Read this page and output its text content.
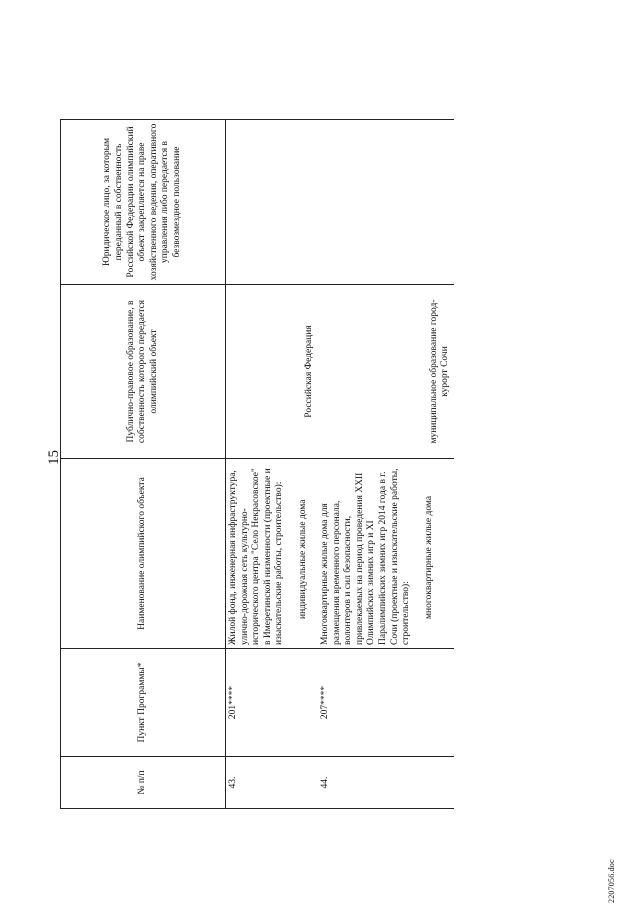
15
№ п/п	Пункт Программы*	Наименование олимпийского объекта	Публично-правовое образование, в собственность которого передается олимпийский объект	Юридическое лицо, за которым переданный в собственность Российской Федерации олимпийский объект закрепляется на праве хозяйственного ведения, оперативного управления либо передается в безвозмездное пользование
43.	201****	Жилой фонд, инженерная инфраструктура, улично-дорожная сеть культурно-исторического центра "Село Некрасовское" в Имеретинской низменности (проектные и изыскательские работы, строительство): индивидуальные жилые дома	Российская Федерация	
44.	207****	Многоквартирные жилые дома для размещения временного персонала, волонтеров и сил безопасности, привлекаемых на период проведения XXII Олимпийских зимних игр и XI Паралимпийских зимних игр 2014 года в г. Сочи (проектные и изыскательские работы, строительство): многоквартирные жилые дома	муниципальное образование город-курорт Сочи	
2207056.doc
